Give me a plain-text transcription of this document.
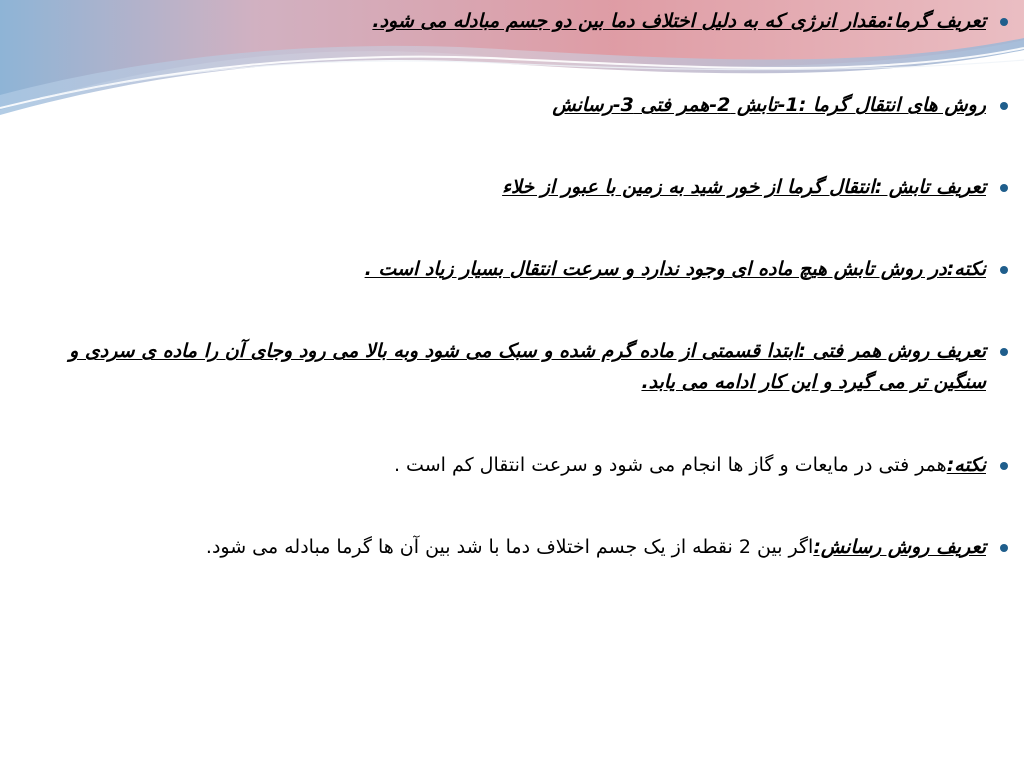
تعریف گرما:مقدار انرژی که به دلیل اختلاف دما بین دو جسم مبادله می شود.
روش های انتقال گرما :1-تابش 2-همر فتی 3-رسانش
تعریف تابش :انتقال گرما از خور شید به زمین با عبور از خلاء
نکته:در روش تابش هیچ ماده ای وجود ندارد و سرعت انتقال بسیار زیاد است .
تعریف روش همر فتی :ابتدا قسمتی از ماده گرم شده و سبک می شود وبه بالا می رود وجای آن را ماده ی سردی و سنگین تر می گیرد و این کار ادامه می یابد.
نکته:همر فتی در مایعات و گاز ها انجام می شود و سرعت انتقال کم است .
تعریف روش رسانش:اگر بین 2 نقطه از یک جسم اختلاف دما با شد بین آن ها گرما مبادله می شود.
